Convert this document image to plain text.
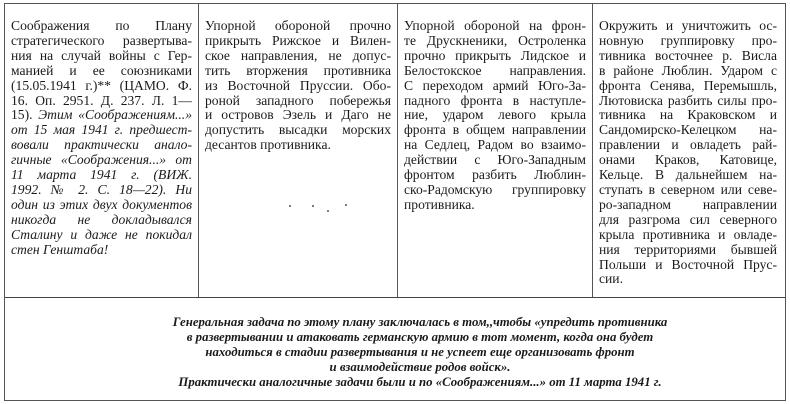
Соображения по Плану
стратегического развертыва-
ния на случай войны с Гер-
манией и ее союзниками
(15.05.1941 г.)** (ЦАМО. Ф.
16. Оп. 2951. Д. 237. Л. 1—
15). Этим «Соображениям...»
от 15 мая 1941 г. предшест-
вовали практически анало-
гичные «Соображения...» от
11 марта 1941 г. (ВИЖ.
1992. № 2. С. 18—22). Ни
один из этих двух документов
никогда не докладывался
Сталину и даже не покидал
стен Генштаба!
Упорной обороной прочно
прикрыть Рижское и Вилен-
ское направления, не допус-
тить вторжения противника
из Восточной Пруссии. Обо-
роной западного побережья
и островов Эзель и Даго не
допустить высадки морских
десантов противника.
Упорной обороной на фрон-
те Друскненики, Остроленка
прочно прикрыть Лидское и
Белостокское направления.
С переходом армий Юго-За-
падного фронта в наступле-
ние, ударом левого крыла
фронта в общем направлении
на Седлец, Радом во взаимо-
действии с Юго-Западным
фронтом разбить Люблин-
ско-Радомскую группировку
противника.
Окружить и уничтожить ос-
новную группировку про-
тивника восточнее р. Висла
в районе Люблин. Ударом с
фронта Сенява, Перемышль,
Лютовиска разбить силы про-
тивника на Краковском и
Сандомирско-Келецком на-
правлении и овладеть рай-
онами Краков, Катовице,
Кельце. В дальнейшем на-
ступать в северном или севе-
ро-западном направлении
для разгрома сил северного
крыла противника и овладе-
ния территориями бывшей
Польши и Восточной Прус-
сии.
Генеральная задача по этому плану заключалась в том,,чтобы «упредить противника
в развертывании и атаковать германскую армию в тот момент, когда она будет
находиться в стадии развертывания и не успеет еще организовать фронт
и взаимодействие родов войск».
Практически аналогичные задачи были и по «Соображениям...» от 11 марта 1941 г.
